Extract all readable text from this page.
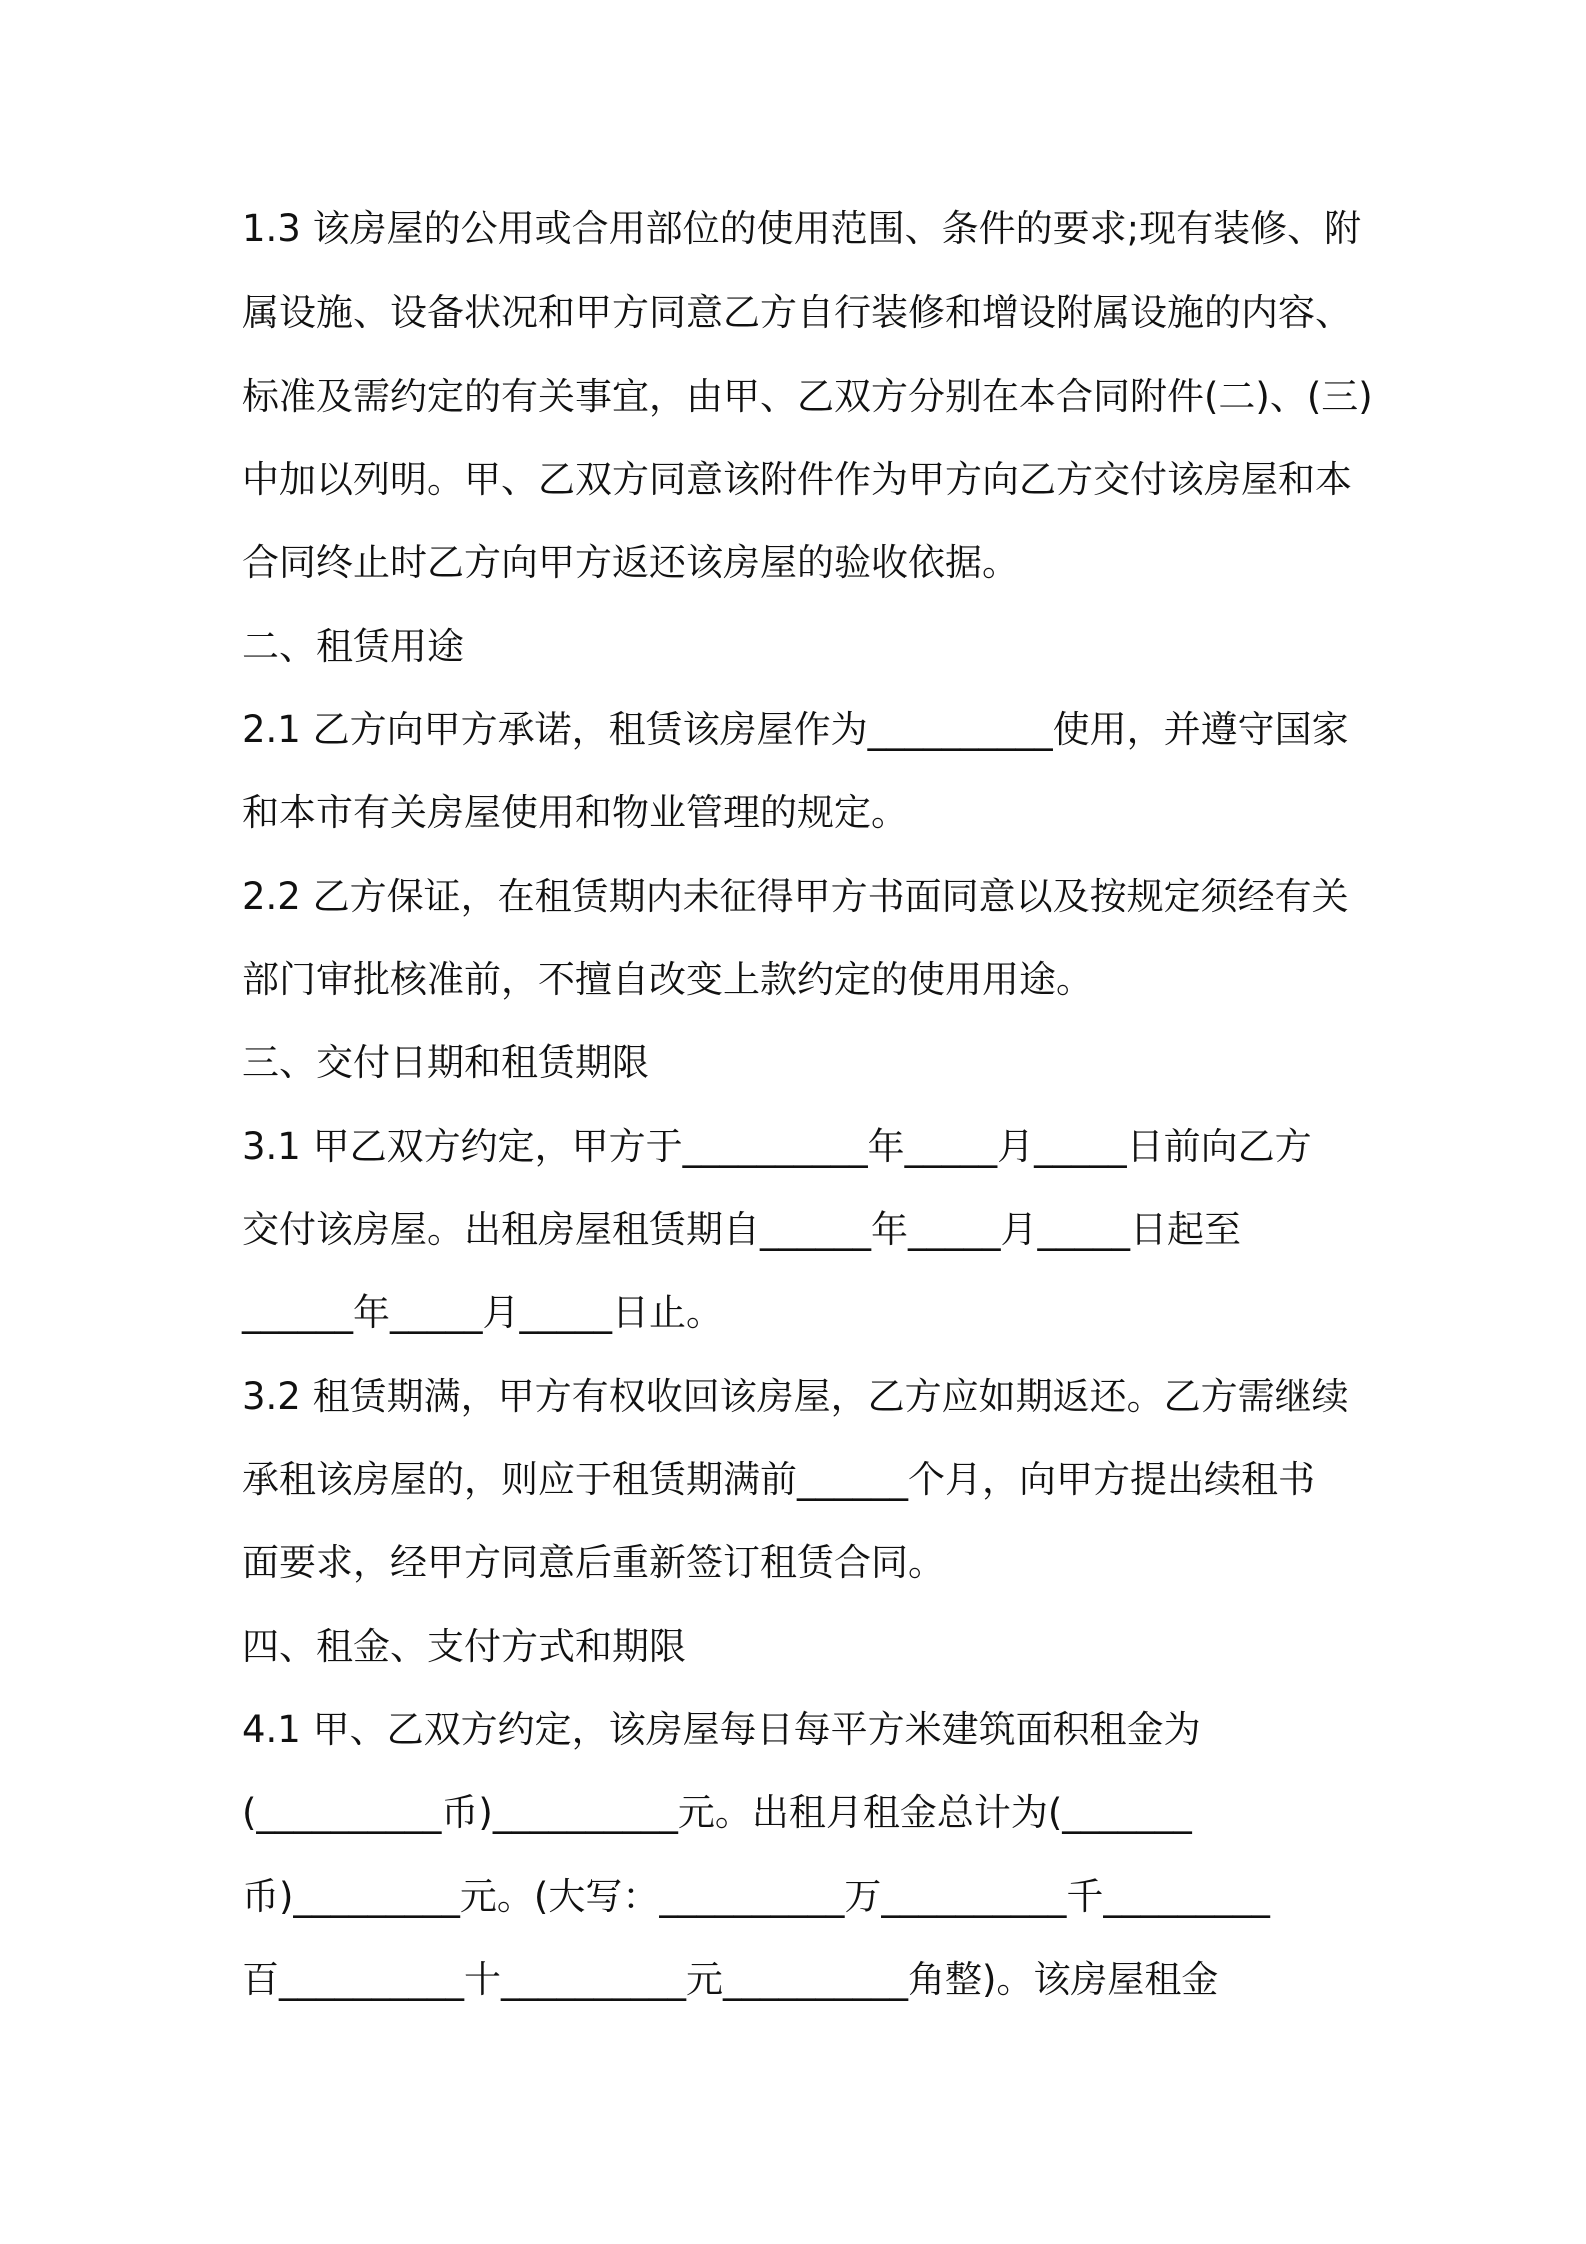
1.3 该房屋的公用或合用部位的使用范围、条件的要求;现有装修、附

属设施、设备状况和甲方同意乙方自行装修和增设附属设施的内容、

标准及需约定的有关事宜，由甲、乙双方分别在本合同附件(二)、(三)

中加以列明。甲、乙双方同意该附件作为甲方向乙方交付该房屋和本

合同终止时乙方向甲方返还该房屋的验收依据。

二、租赁用途

2.1 乙方向甲方承诺，租赁该房屋作为__________使用，并遵守国家

和本市有关房屋使用和物业管理的规定。

2.2 乙方保证，在租赁期内未征得甲方书面同意以及按规定须经有关

部门审批核准前，不擅自改变上款约定的使用用途。

三、交付日期和租赁期限

3.1 甲乙双方约定，甲方于__________年_____月_____日前向乙方

交付该房屋。出租房屋租赁期自______年_____月_____日起至

______年_____月_____日止。

3.2 租赁期满，甲方有权收回该房屋，乙方应如期返还。乙方需继续

承租该房屋的，则应于租赁期满前______个月，向甲方提出续租书

面要求，经甲方同意后重新签订租赁合同。

四、租金、支付方式和期限

4.1 甲、乙双方约定，该房屋每日每平方米建筑面积租金为

(__________币)__________元。出租月租金总计为(_______

币)_________元。(大写：__________万__________千_________

百__________十__________元__________角整)。该房屋租金
